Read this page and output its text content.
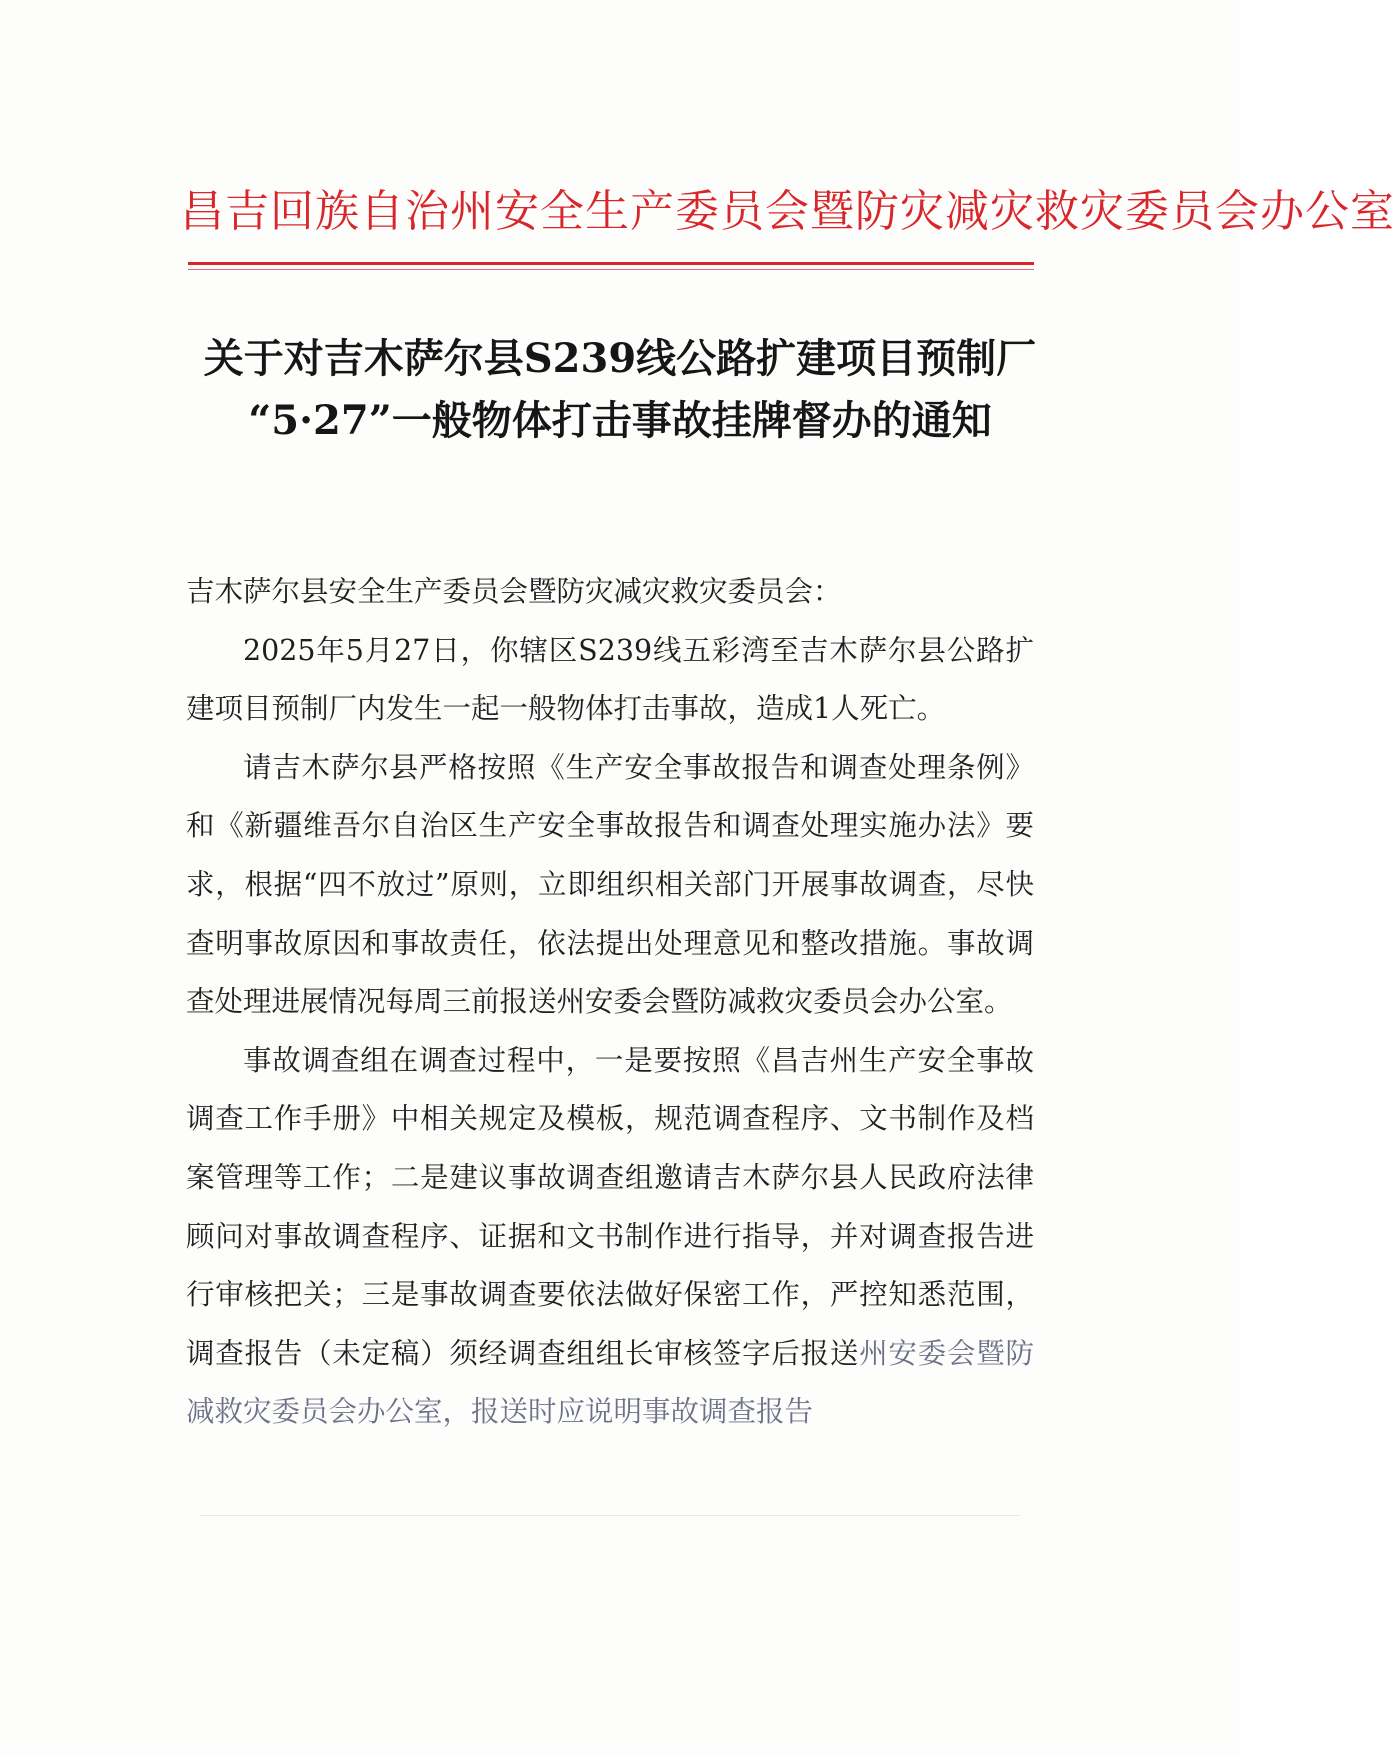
昌吉回族自治州安全生产委员会暨防灾减灾救灾委员会办公室
关于对吉木萨尔县S239线公路扩建项目预制厂
“5·27”一般物体打击事故挂牌督办的通知

吉木萨尔县安全生产委员会暨防灾减灾救灾委员会：

2025年5月27日，你辖区S239线五彩湾至吉木萨尔县公路扩建项目预制厂内发生一起一般物体打击事故，造成1人死亡。

请吉木萨尔县严格按照《生产安全事故报告和调查处理条例》和《新疆维吾尔自治区生产安全事故报告和调查处理实施办法》要求，根据“四不放过”原则，立即组织相关部门开展事故调查，尽快查明事故原因和事故责任，依法提出处理意见和整改措施。事故调查处理进展情况每周三前报送州安委会暨防减救灾委员会办公室。

事故调查组在调查过程中，一是要按照《昌吉州生产安全事故调查工作手册》中相关规定及模板，规范调查程序、文书制作及档案管理等工作；二是建议事故调查组邀请吉木萨尔县人民政府法律顾问对事故调查程序、证据和文书制作进行指导，并对调查报告进行审核把关；三是事故调查要依法做好保密工作，严控知悉范围，调查报告（未定稿）须经调查组组长审核签字后报送州安委会暨防减救灾委员会办公室，报送时应说明事故调查报告
